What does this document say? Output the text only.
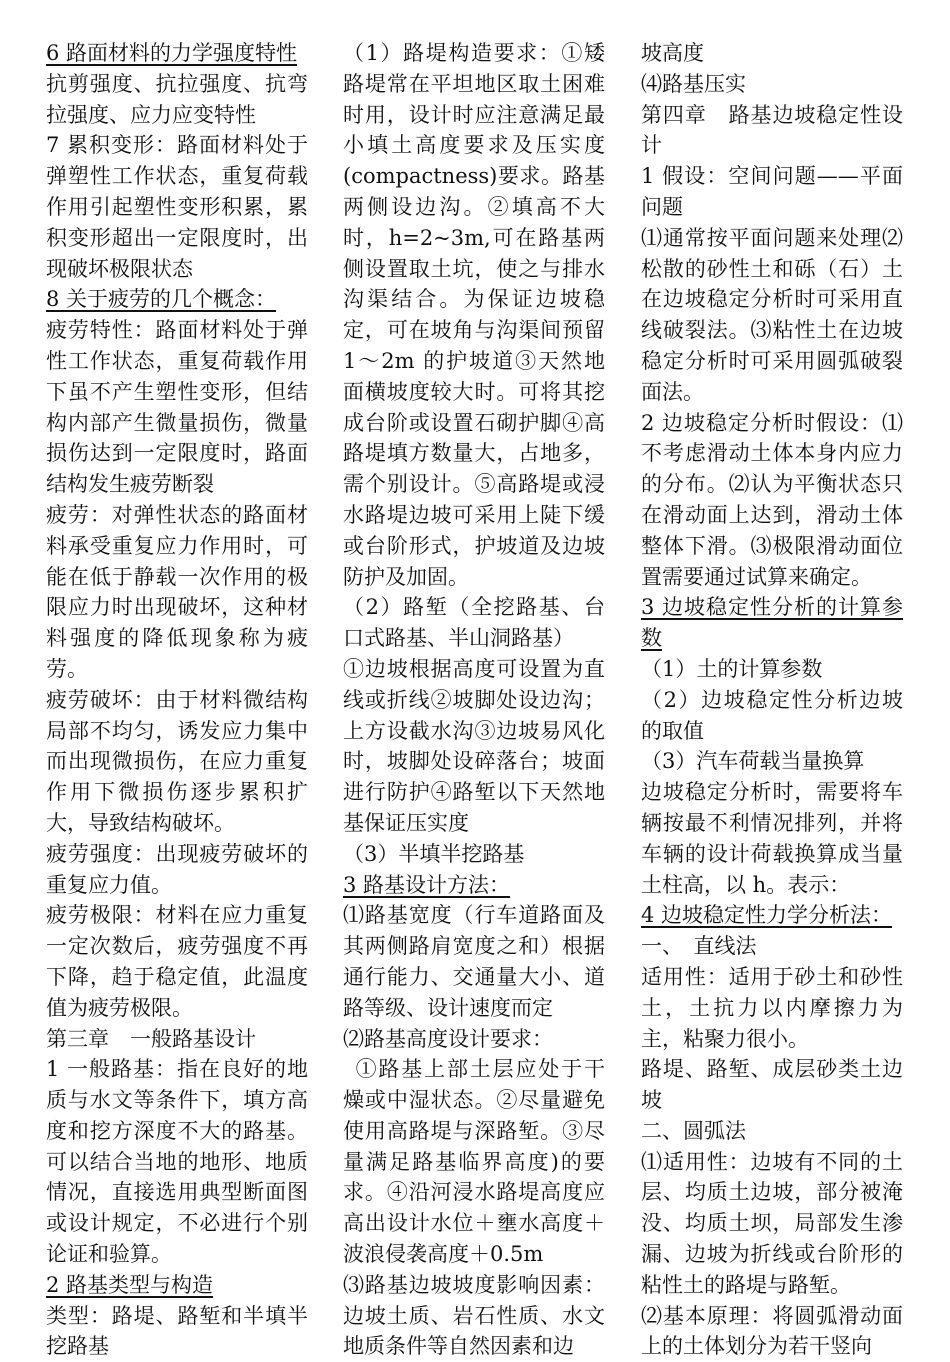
6 路面材料的力学强度特性

抗剪强度、抗拉强度、抗弯拉强度、应力应变特性

7 累积变形：路面材料处于弹塑性工作状态，重复荷载作用引起塑性变形积累，累积变形超出一定限度时，出现破坏极限状态

8 关于疲劳的几个概念：

疲劳特性：路面材料处于弹性工作状态，重复荷载作用下虽不产生塑性变形，但结构内部产生微量损伤，微量损伤达到一定限度时，路面结构发生疲劳断裂

疲劳：对弹性状态的路面材料承受重复应力作用时，可能在低于静载一次作用的极限应力时出现破坏，这种材料强度的降低现象称为疲劳。

疲劳破坏：由于材料微结构局部不均匀，诱发应力集中而出现微损伤，在应力重复作用下微损伤逐步累积扩大，导致结构破坏。

疲劳强度：出现疲劳破坏的重复应力值。

疲劳极限：材料在应力重复一定次数后，疲劳强度不再下降，趋于稳定值，此温度值为疲劳极限。

第三章　一般路基设计

1 一般路基：指在良好的地质与水文等条件下，填方高度和挖方深度不大的路基。可以结合当地的地形、地质情况，直接选用典型断面图或设计规定，不必进行个别论证和验算。

2 路基类型与构造

类型：路堤、路堑和半填半挖路基

（1）路堤构造要求：①矮路堤常在平坦地区取土困难时用，设计时应注意满足最小填土高度要求及压实度(compactness)要求。路基两侧设边沟。②填高不大时，h=2~3m,可在路基两侧设置取土坑，使之与排水沟渠结合。为保证边坡稳定，可在坡角与沟渠间预留 1～2m 的护坡道③天然地面横坡度较大时。可将其挖成台阶或设置石砌护脚④高路堤填方数量大，占地多，需个别设计。⑤高路堤或浸水路堤边坡可采用上陡下缓或台阶形式，护坡道及边坡防护及加固。

（2）路堑（全挖路基、台口式路基、半山洞路基）

①边坡根据高度可设置为直线或折线②坡脚处设边沟；上方设截水沟③边坡易风化时，坡脚处设碎落台；坡面进行防护④路堑以下天然地基保证压实度

（3）半填半挖路基

3 路基设计方法：

⑴路基宽度（行车道路面及其两侧路肩宽度之和）根据通行能力、交通量大小、道路等级、设计速度而定

⑵路基高度设计要求：

①路基上部土层应处于干燥或中湿状态。②尽量避免使用高路堤与深路堑。③尽量满足路基临界高度)的要求。④沿河浸水路堤高度应高出设计水位＋壅水高度＋波浪侵袭高度＋0.5m

⑶路基边坡坡度影响因素：边坡土质、岩石性质、水文地质条件等自然因素和边

坡高度

⑷路基压实

第四章　路基边坡稳定性设计

1 假设：空间问题——平面问题

⑴通常按平面问题来处理⑵松散的砂性土和砾（石）土在边坡稳定分析时可采用直线破裂法。⑶粘性土在边坡稳定分析时可采用圆弧破裂面法。

2 边坡稳定分析时假设：⑴不考虑滑动土体本身内应力的分布。⑵认为平衡状态只在滑动面上达到，滑动土体整体下滑。⑶极限滑动面位置需要通过试算来确定。

3 边坡稳定性分析的计算参数

（1）土的计算参数

（2）边坡稳定性分析边坡的取值

（3）汽车荷载当量换算

边坡稳定分析时，需要将车辆按最不利情况排列，并将车辆的设计荷载换算成当量土柱高，以 h。表示：

4 边坡稳定性力学分析法：

一、　直线法

适用性：适用于砂土和砂性土，土抗力以内摩擦力为主，粘聚力很小。

路堤、路堑、成层砂类土边坡

二、圆弧法

⑴适用性：边坡有不同的土层、均质土边坡，部分被淹没、均质土坝，局部发生渗漏、边坡为折线或台阶形的粘性土的路堤与路堑。

⑵基本原理：将圆弧滑动面上的土体划分为若干竖向
